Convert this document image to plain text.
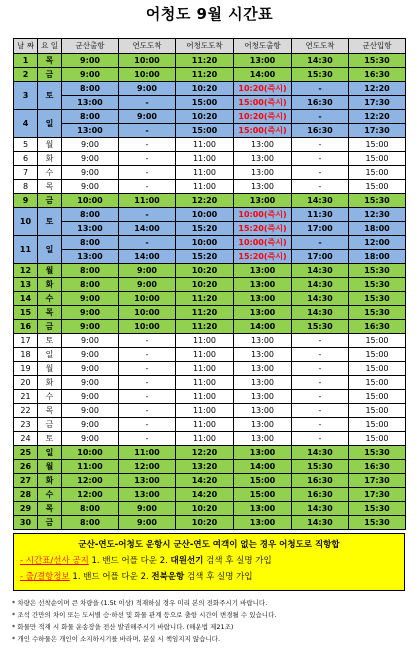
어청도 9월 시간표
날 짜	요 일	군산출항	연도도착	어청도도착	어청도출항	연도도착	군산입항
1	목	9:00	10:00	11:20	13:00	14:30	15:30
2	금	9:00	10:00	11:20	14:00	15:30	16:30
3	토	8:00	9:00	10:20	10:20(즉시)	-	12:20
		13:00	-	15:00	15:00(즉시)	16:30	17:30
4	일	8:00	9:00	10:20	10:20(즉시)	-	12:20
		13:00	-	15:00	15:00(즉시)	16:30	17:30
5	월	9:00	-	11:00	13:00	-	15:00
6	화	9:00	-	11:00	13:00	-	15:00
7	수	9:00	-	11:00	13:00	-	15:00
8	목	9:00	-	11:00	13:00	-	15:00
9	금	10:00	11:00	12:20	13:00	14:30	15:30
10	토	8:00	-	10:00	10:00(즉시)	11:30	12:30
		13:00	14:00	15:20	15:20(즉시)	17:00	18:00
11	일	8:00	-	10:00	10:00(즉시)	-	12:00
		13:00	14:00	15:20	15:20(즉시)	17:00	18:00
12	월	8:00	9:00	10:20	13:00	14:30	15:30
13	화	8:00	9:00	10:20	13:00	14:30	15:30
14	수	9:00	10:00	11:20	13:00	14:30	15:30
15	목	9:00	10:00	11:20	13:00	14:30	15:30
16	금	9:00	10:00	11:20	14:00	15:30	16:30
17	토	9:00	-	11:00	13:00	-	15:00
18	일	9:00	-	11:00	13:00	-	15:00
19	월	9:00	-	11:00	13:00	-	15:00
20	화	9:00	-	11:00	13:00	-	15:00
21	수	9:00	-	11:00	13:00	-	15:00
22	목	9:00	-	11:00	13:00	-	15:00
23	금	9:00	-	11:00	13:00	-	15:00
24	토	9:00	-	11:00	13:00	-	15:00
25	일	10:00	11:00	12:20	13:00	14:30	15:30
26	월	11:00	12:00	13:20	14:00	15:30	16:30
27	화	12:00	13:00	14:20	15:00	16:30	17:30
28	수	12:00	13:00	14:20	15:00	16:30	17:30
29	목	8:00	9:00	10:20	13:00	14:30	15:30
30	금	8:00	9:00	10:20	13:00	14:30	15:30
군산-연도-어청도 운항시 군산-연도 여객이 없는 경우 어청도로 직항합
- 시간표/선사 공지 1. 밴드 어플 다운 2. 대원선기 검색 후 실명 가입
- 출/결항정보 1. 밴드 어플 다운 2. 전북운항 검색 후 실명 가입
* 차량은 선착순이며 큰 차량을 (1.5t 이상) 적재하실 경우 미리 본의 전화주시기 바랍니다.
* 조석 간만의 차이 또는 도서별 승·하선 및 화물 관계 등으로 출항 시간이 변경될 수 있습니다.
* 화물만 적재 시 화물 운송장을 전산 발권해주시기 바랍니다. (해운법 제21조)
* 개인 수하물은 개인이 소지하시기를 바라며, 분실 시 책임지지 않습니다.
